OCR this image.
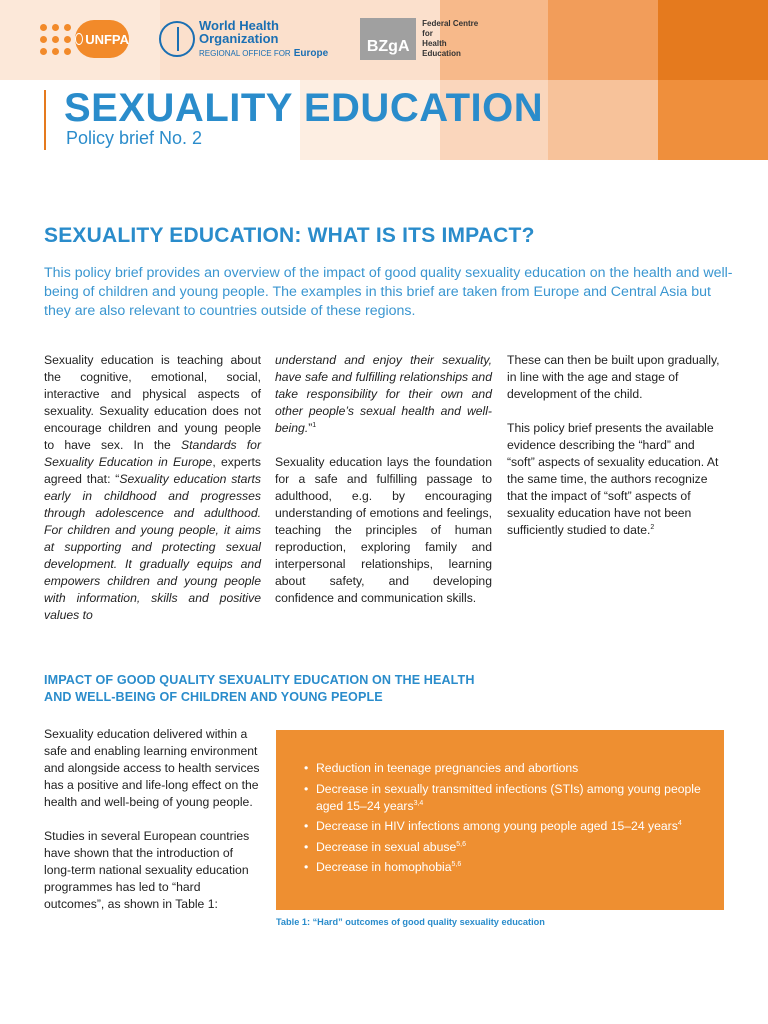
UNFPA
World Health
Organization
REGIONAL OFFICE FOR Europe	BZgA
Federal Centre
for
Health
Education
SEXUALITY EDUCATION
Policy brief No. 2
SEXUALITY EDUCATION: WHAT IS ITS IMPACT?

This policy brief provides an overview of the impact of good quality sexuality education on the health and well-being of children and young people. The examples in this brief are taken from Europe and Central Asia but they are also relevant to countries outside of these regions.

Sexuality education is teaching about the cognitive, emotional, social, interactive and physical aspects of sexuality. Sexuality education does not encourage children and young people to have sex. In the Standards for Sexuality Education in Europe, experts agreed that: “Sexuality education starts early in childhood and progresses through adolescence and adulthood. For children and young people, it aims at supporting and protecting sexual development. It gradually equips and empowers children and young people with information, skills and positive values to

understand and enjoy their sexuality, have safe and fulfilling relationships and take responsibility for their own and other people’s sexual health and well-being.”$^1$

Sexuality education lays the foundation for a safe and fulfilling passage to adulthood, e.g. by encouraging understanding of emotions and feelings, teaching the principles of human reproduction, exploring family and interpersonal relationships, learning about safety, and developing confidence and communication skills.

These can then be built upon gradually, in line with the age and stage of development of the child.

This policy brief presents the available evidence describing the “hard” and “soft” aspects of sexuality education. At the same time, the authors recognize that the impact of “soft” aspects of sexuality education have not been sufficiently studied to date.$^2$

IMPACT OF GOOD QUALITY SEXUALITY EDUCATION ON THE HEALTH
AND WELL-BEING OF CHILDREN AND YOUNG PEOPLE

Sexuality education delivered within a safe and enabling learning environment and alongside access to health services has a positive and life-long effect on the health and well-being of young people.

Studies in several European countries have shown that the introduction of long-term national sexuality education programmes has led to “hard outcomes”, as shown in Table 1:

• Reduction in teenage pregnancies and abortions
• Decrease in sexually transmitted infections (STIs) among young people aged 15–24 years$^{3,4}$
• Decrease in HIV infections among young people aged 15–24 years$^4$
• Decrease in sexual abuse$^{5,6}$
• Decrease in homophobia$^{5,6}$
Table 1: “Hard” outcomes of good quality sexuality education
